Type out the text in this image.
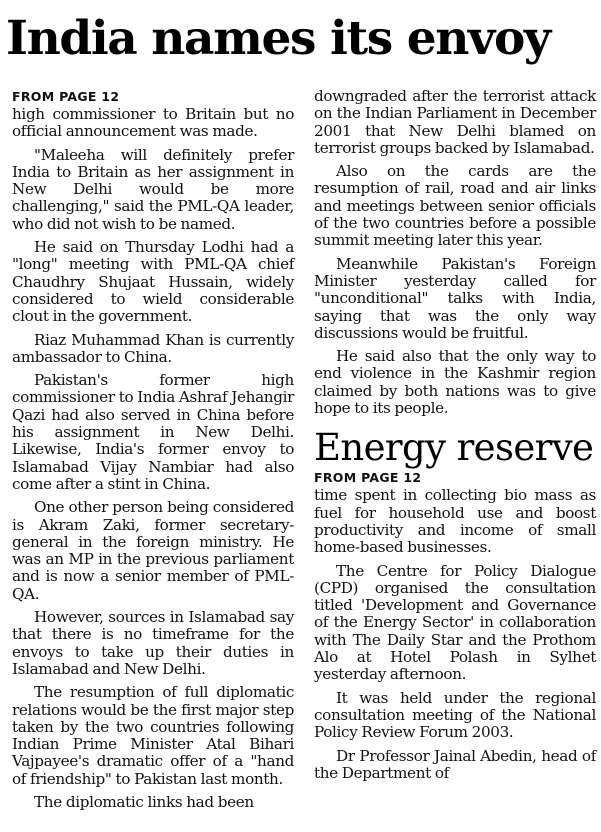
India names its envoy
FROM PAGE 12

high commissioner to Britain but no official announcement was made.

"Maleeha will definitely prefer India to Britain as her assignment in New Delhi would be more challenging," said the PML-QA leader, who did not wish to be named.

He said on Thursday Lodhi had a "long" meeting with PML-QA chief Chaudhry Shujaat Hussain, widely considered to wield considerable clout in the government.

Riaz Muhammad Khan is currently ambassador to China.

Pakistan's former high commissioner to India Ashraf Jehangir Qazi had also served in China before his assignment in New Delhi. Likewise, India's former envoy to Islamabad Vijay Nambiar had also come after a stint in China.

One other person being considered is Akram Zaki, former secretary-general in the foreign ministry. He was an MP in the previous parliament and is now a senior member of PML-QA.

However, sources in Islamabad say that there is no timeframe for the envoys to take up their duties in Islamabad and New Delhi.

The resumption of full diplomatic relations would be the first major step taken by the two countries following Indian Prime Minister Atal Bihari Vajpayee's dramatic offer of a "hand of friendship" to Pakistan last month.

The diplomatic links had been

downgraded after the terrorist attack on the Indian Parliament in December 2001 that New Delhi blamed on terrorist groups backed by Islamabad.

Also on the cards are the resumption of rail, road and air links and meetings between senior officials of the two countries before a possible summit meeting later this year.

Meanwhile Pakistan's Foreign Minister yesterday called for "unconditional" talks with India, saying that was the only way discussions would be fruitful.

He said also that the only way to end violence in the Kashmir region claimed by both nations was to give hope to its people.

Energy reserve
FROM PAGE 12

time spent in collecting bio mass as fuel for household use and boost productivity and income of small home-based businesses.

The Centre for Policy Dialogue (CPD) organised the consultation titled 'Development and Governance of the Energy Sector' in collaboration with The Daily Star and the Prothom Alo at Hotel Polash in Sylhet yesterday afternoon.

It was held under the regional consultation meeting of the National Policy Review Forum 2003.

Dr Professor Jainal Abedin, head of the Department of
